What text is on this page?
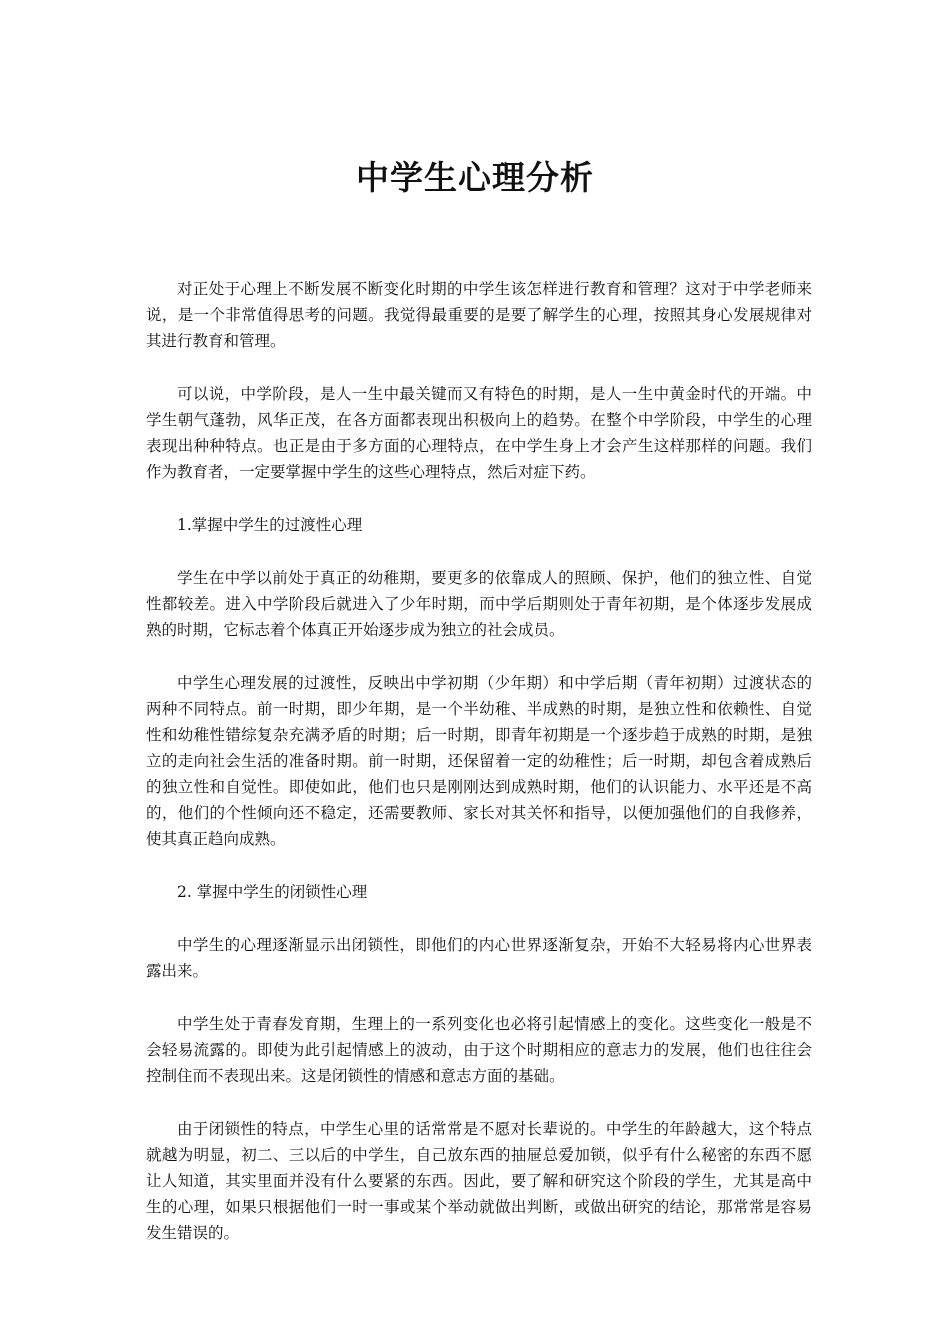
中学生心理分析

对正处于心理上不断发展不断变化时期的中学生该怎样进行教育和管理？这对于中学老师来说，是一个非常值得思考的问题。我觉得最重要的是要了解学生的心理，按照其身心发展规律对其进行教育和管理。

可以说，中学阶段，是人一生中最关键而又有特色的时期，是人一生中黄金时代的开端。中学生朝气蓬勃，风华正茂，在各方面都表现出积极向上的趋势。在整个中学阶段，中学生的心理表现出种种特点。也正是由于多方面的心理特点，在中学生身上才会产生这样那样的问题。我们作为教育者，一定要掌握中学生的这些心理特点，然后对症下药。

1.掌握中学生的过渡性心理

学生在中学以前处于真正的幼稚期，要更多的依靠成人的照顾、保护，他们的独立性、自觉性都较差。进入中学阶段后就进入了少年时期，而中学后期则处于青年初期，是个体逐步发展成熟的时期，它标志着个体真正开始逐步成为独立的社会成员。

中学生心理发展的过渡性，反映出中学初期（少年期）和中学后期（青年初期）过渡状态的两种不同特点。前一时期，即少年期，是一个半幼稚、半成熟的时期，是独立性和依赖性、自觉性和幼稚性错综复杂充满矛盾的时期；后一时期，即青年初期是一个逐步趋于成熟的时期，是独立的走向社会生活的准备时期。前一时期，还保留着一定的幼稚性；后一时期，却包含着成熟后的独立性和自觉性。即使如此，他们也只是刚刚达到成熟时期，他们的认识能力、水平还是不高的，他们的个性倾向还不稳定，还需要教师、家长对其关怀和指导，以便加强他们的自我修养，使其真正趋向成熟。

2. 掌握中学生的闭锁性心理

中学生的心理逐渐显示出闭锁性，即他们的内心世界逐渐复杂，开始不大轻易将内心世界表露出来。

中学生处于青春发育期，生理上的一系列变化也必将引起情感上的变化。这些变化一般是不会轻易流露的。即使为此引起情感上的波动，由于这个时期相应的意志力的发展，他们也往往会控制住而不表现出来。这是闭锁性的情感和意志方面的基础。

由于闭锁性的特点，中学生心里的话常常是不愿对长辈说的。中学生的年龄越大，这个特点就越为明显，初二、三以后的中学生，自己放东西的抽屉总爱加锁，似乎有什么秘密的东西不愿让人知道，其实里面并没有什么要紧的东西。因此，要了解和研究这个阶段的学生，尤其是高中生的心理，如果只根据他们一时一事或某个举动就做出判断，或做出研究的结论，那常常是容易发生错误的。
